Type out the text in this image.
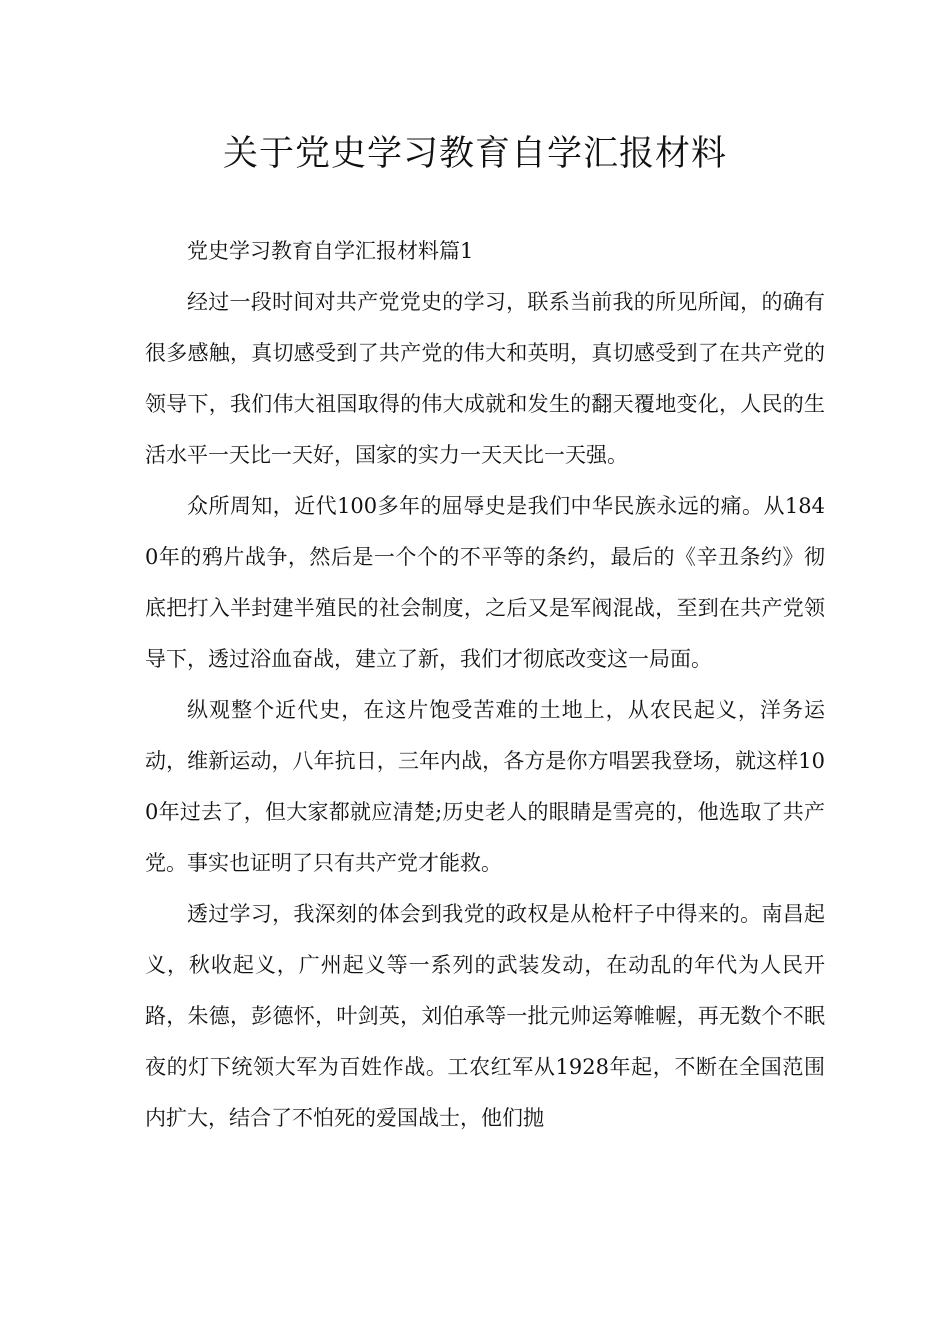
关于党史学习教育自学汇报材料

党史学习教育自学汇报材料篇1

经过一段时间对共产党党史的学习，联系当前我的所见所闻，的确有很多感触，真切感受到了共产党的伟大和英明，真切感受到了在共产党的领导下，我们伟大祖国取得的伟大成就和发生的翻天覆地变化，人民的生活水平一天比一天好，国家的实力一天天比一天强。

众所周知，近代100多年的屈辱史是我们中华民族永远的痛。从1840年的鸦片战争，然后是一个个的不平等的条约，最后的《辛丑条约》彻底把打入半封建半殖民的社会制度，之后又是军阀混战，至到在共产党领导下，透过浴血奋战，建立了新，我们才彻底改变这一局面。

纵观整个近代史，在这片饱受苦难的土地上，从农民起义，洋务运动，维新运动，八年抗日，三年内战，各方是你方唱罢我登场，就这样100年过去了，但大家都就应清楚;历史老人的眼睛是雪亮的，他选取了共产党。事实也证明了只有共产党才能救。

透过学习，我深刻的体会到我党的政权是从枪杆子中得来的。南昌起义，秋收起义，广州起义等一系列的武装发动，在动乱的年代为人民开路，朱德，彭德怀，叶剑英，刘伯承等一批元帅运筹帷幄，再无数个不眠夜的灯下统领大军为百姓作战。工农红军从1928年起，不断在全国范围内扩大，结合了不怕死的爱国战士，他们抛
